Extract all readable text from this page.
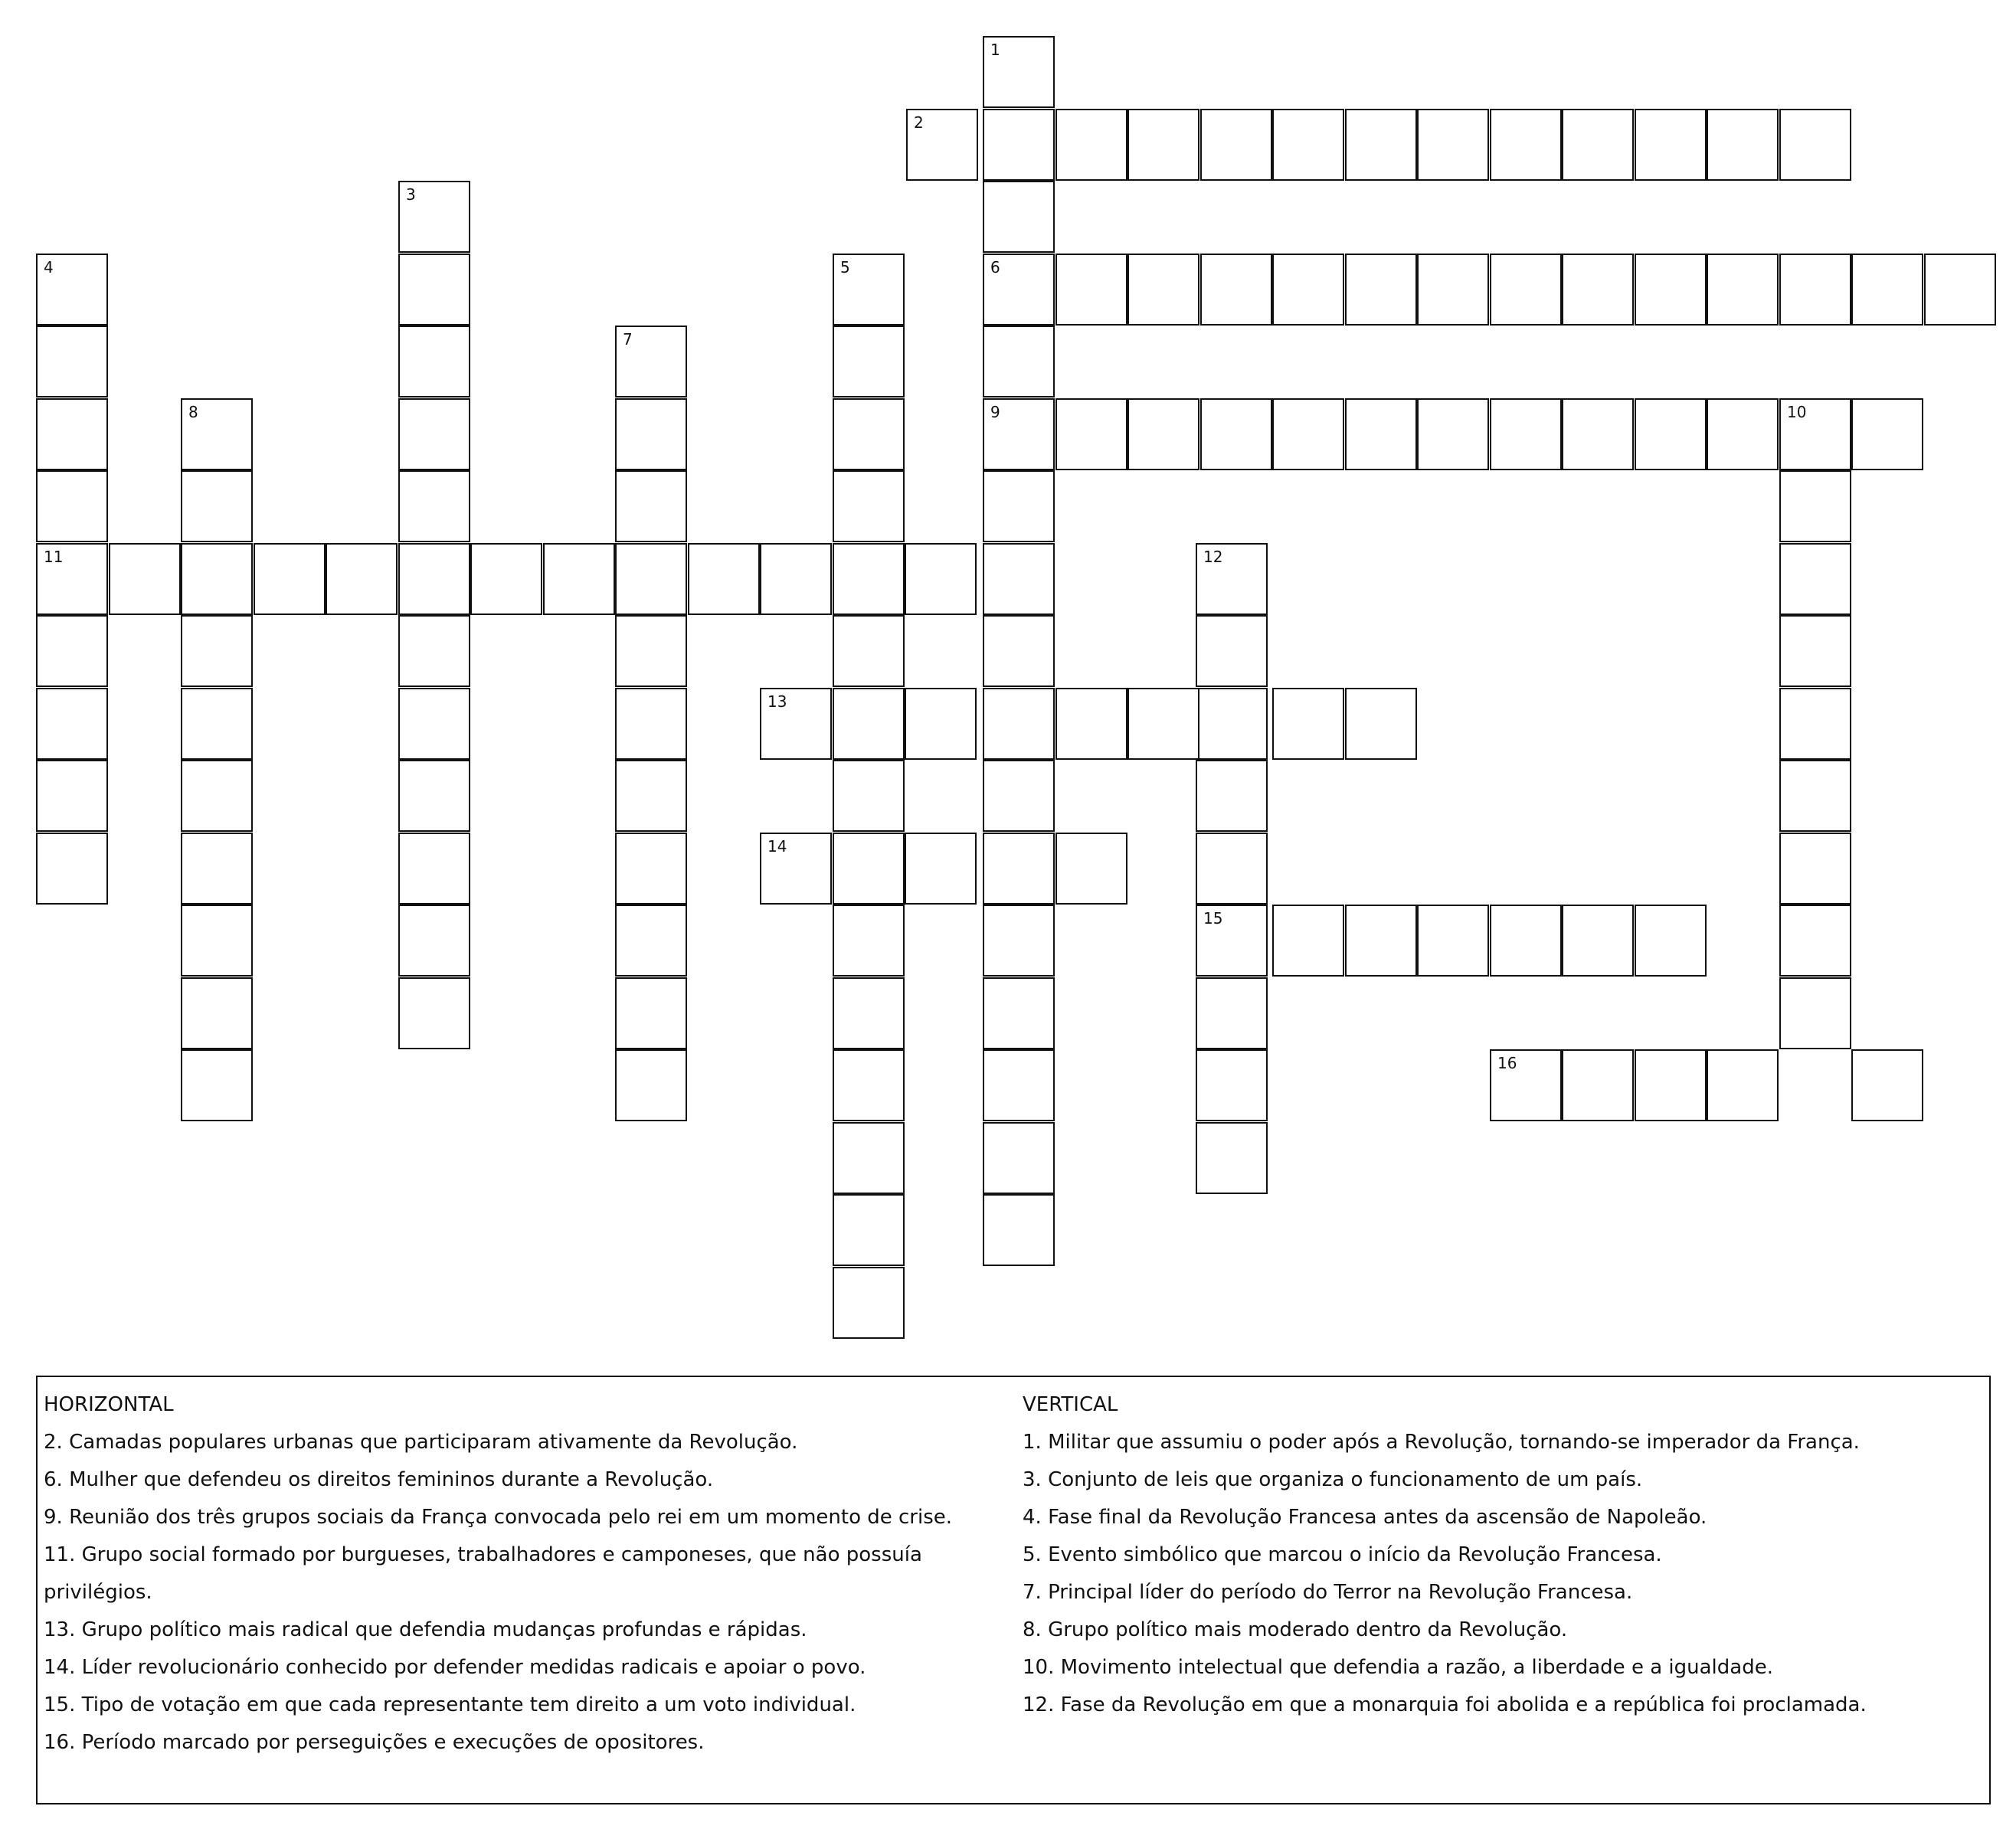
1
2
6
9	10
3
4
11
5
7
8
12
15
13
14
16
HORIZONTAL
2. Camadas populares urbanas que participaram ativamente da Revolução.
6. Mulher que defendeu os direitos femininos durante a Revolução.
9. Reunião dos três grupos sociais da França convocada pelo rei em um momento de crise.
11. Grupo social formado por burgueses, trabalhadores e camponeses, que não possuía
privilégios.
13. Grupo político mais radical que defendia mudanças profundas e rápidas.
14. Líder revolucionário conhecido por defender medidas radicais e apoiar o povo.
15. Tipo de votação em que cada representante tem direito a um voto individual.
16. Período marcado por perseguições e execuções de opositores.
VERTICAL
1. Militar que assumiu o poder após a Revolução, tornando-se imperador da França.
3. Conjunto de leis que organiza o funcionamento de um país.
4. Fase final da Revolução Francesa antes da ascensão de Napoleão.
5. Evento simbólico que marcou o início da Revolução Francesa.
7. Principal líder do período do Terror na Revolução Francesa.
8. Grupo político mais moderado dentro da Revolução.
10. Movimento intelectual que defendia a razão, a liberdade e a igualdade.
12. Fase da Revolução em que a monarquia foi abolida e a república foi proclamada.
